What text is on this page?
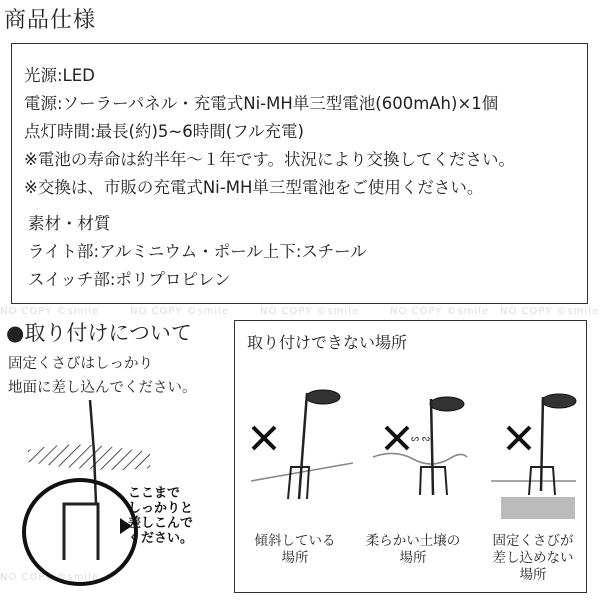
商品仕様
光源:LED
電源:ソーラーパネル・充電式Ni-MH単三型電池(600mAh)×1個
点灯時間:最長(約)5~6時間(フル充電)
※電池の寿命は約半年～１年です。状況により交換してください。
※交換は、市販の充電式Ni-MH単三型電池をご使用ください。
素材・材質
ライト部:アルミニウム・ポール上下:スチール
スイッチ部:ポリプロピレン
NO COPY ©smile	NO COPY ©smile	NO COPY ©smile	NO COPY ©smile NO COPY ©smile
NO COPY ©smile
●取り付けについて
固定くさびはしっかり
地面に差し込んでください。
ここまで
しっかりと
差しこんで
ください。
取り付けできない場所
ᔕ ᔓ
傾斜している
場所
柔らかい土壌の
場所
固定くさびが
差し込めない
場所
